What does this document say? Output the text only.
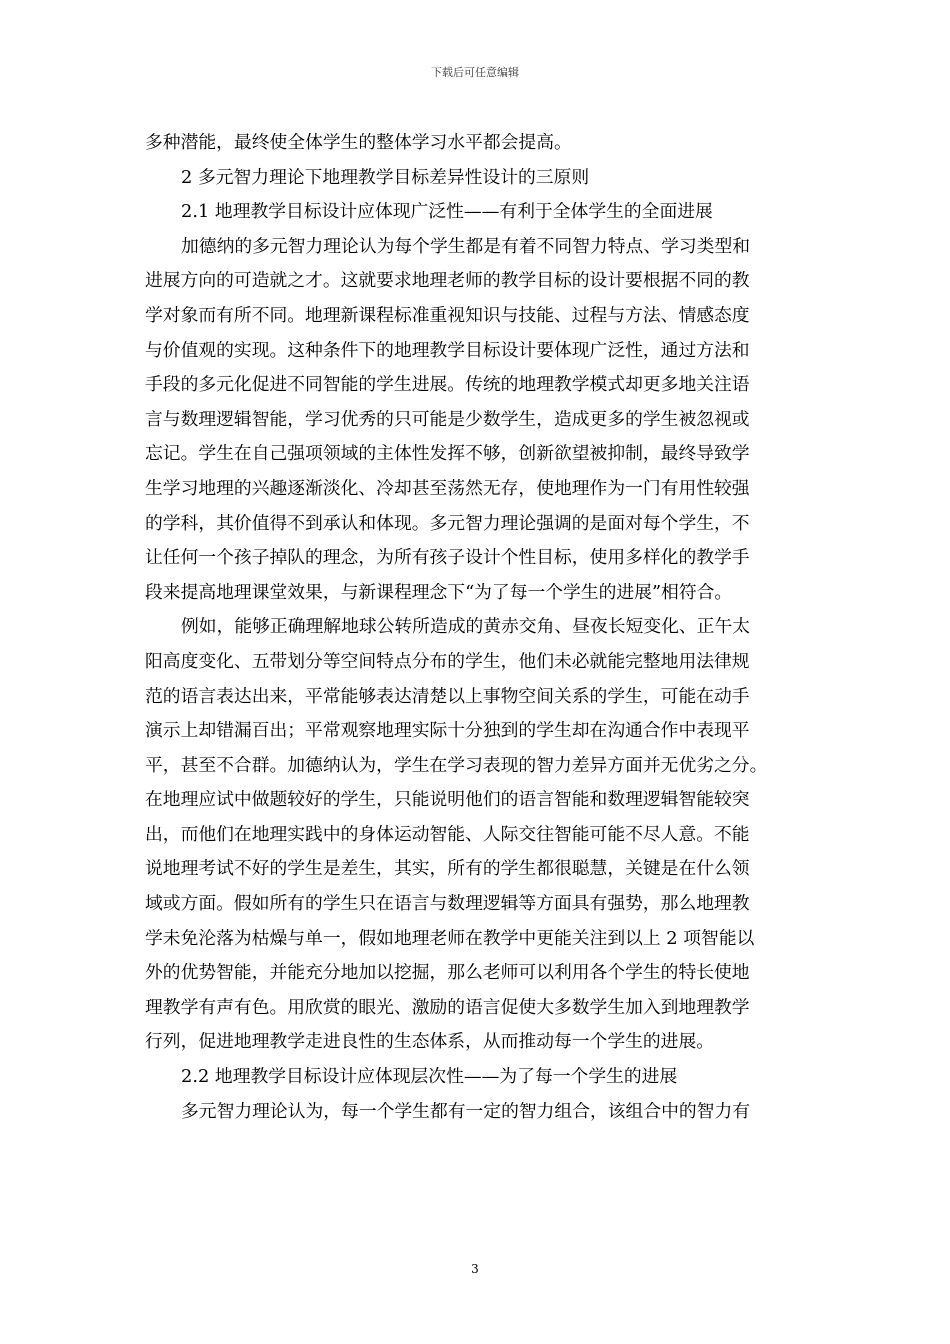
下载后可任意编辑
多种潜能，最终使全体学生的整体学习水平都会提高。
2 多元智力理论下地理教学目标差异性设计的三原则
2.1 地理教学目标设计应体现广泛性——有利于全体学生的全面进展
加德纳的多元智力理论认为每个学生都是有着不同智力特点、学习类型和
进展方向的可造就之才。这就要求地理老师的教学目标的设计要根据不同的教
学对象而有所不同。地理新课程标准重视知识与技能、过程与方法、情感态度
与价值观的实现。这种条件下的地理教学目标设计要体现广泛性，通过方法和
手段的多元化促进不同智能的学生进展。传统的地理教学模式却更多地关注语
言与数理逻辑智能，学习优秀的只可能是少数学生，造成更多的学生被忽视或
忘记。学生在自己强项领域的主体性发挥不够，创新欲望被抑制，最终导致学
生学习地理的兴趣逐渐淡化、冷却甚至荡然无存，使地理作为一门有用性较强
的学科，其价值得不到承认和体现。多元智力理论强调的是面对每个学生，不
让任何一个孩子掉队的理念，为所有孩子设计个性目标，使用多样化的教学手
段来提高地理课堂效果，与新课程理念下“为了每一个学生的进展”相符合。
例如，能够正确理解地球公转所造成的黄赤交角、昼夜长短变化、正午太
阳高度变化、五带划分等空间特点分布的学生，他们未必就能完整地用法律规
范的语言表达出来，平常能够表达清楚以上事物空间关系的学生，可能在动手
演示上却错漏百出；平常观察地理实际十分独到的学生却在沟通合作中表现平
平，甚至不合群。加德纳认为，学生在学习表现的智力差异方面并无优劣之分。
在地理应试中做题较好的学生，只能说明他们的语言智能和数理逻辑智能较突
出，而他们在地理实践中的身体运动智能、人际交往智能可能不尽人意。不能
说地理考试不好的学生是差生，其实，所有的学生都很聪慧，关键是在什么领
域或方面。假如所有的学生只在语言与数理逻辑等方面具有强势，那么地理教
学未免沦落为枯燥与单一，假如地理老师在教学中更能关注到以上 2 项智能以
外的优势智能，并能充分地加以挖掘，那么老师可以利用各个学生的特长使地
理教学有声有色。用欣赏的眼光、激励的语言促使大多数学生加入到地理教学
行列，促进地理教学走进良性的生态体系，从而推动每一个学生的进展。
2.2 地理教学目标设计应体现层次性——为了每一个学生的进展
多元智力理论认为，每一个学生都有一定的智力组合，该组合中的智力有
3
